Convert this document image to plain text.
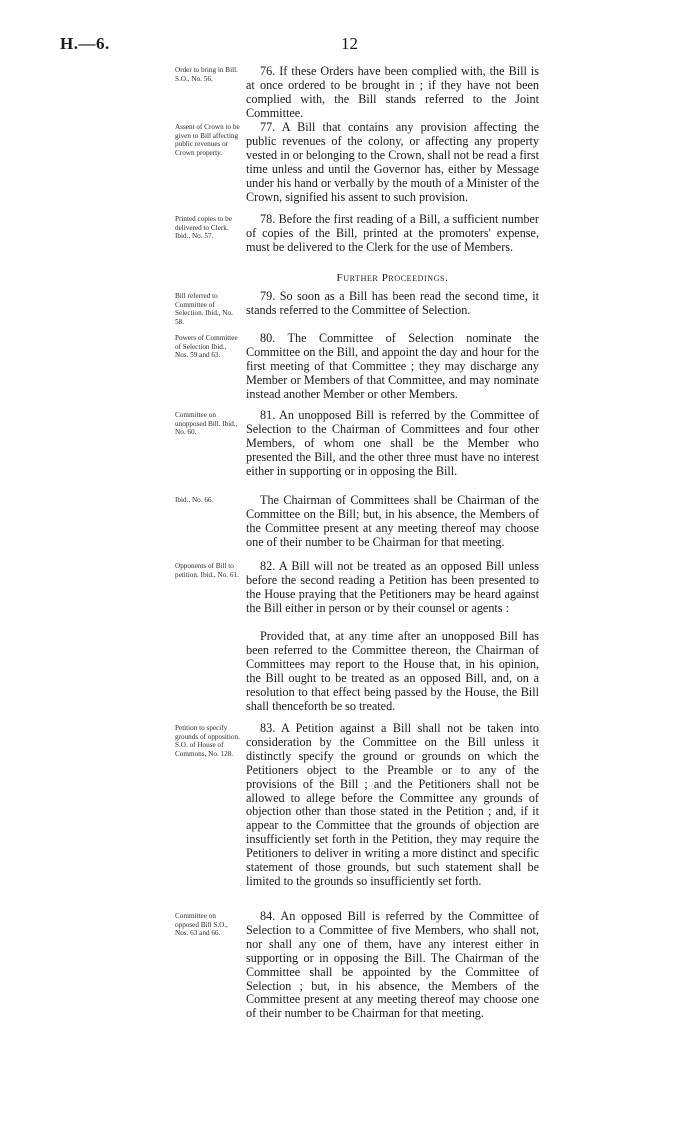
H.—6.	12
Order to bring in Bill. S.O., No. 56.
76. If these Orders have been complied with, the Bill is at once ordered to be brought in ; if they have not been complied with, the Bill stands referred to the Joint Committee.
Assent of Crown to be given to Bill affecting public revenues or Crown property.
77. A Bill that contains any provision affecting the public revenues of the colony, or affecting any property vested in or belonging to the Crown, shall not be read a first time unless and until the Governor has, either by Message under his hand or verbally by the mouth of a Minister of the Crown, signified his assent to such provision.
Printed copies to be delivered to Clerk. Ibid., No. 57.
78. Before the first reading of a Bill, a sufficient number of copies of the Bill, printed at the promoters' expense, must be delivered to the Clerk for the use of Members.
Further Proceedings.
Bill referred to Committee of Selection. Ibid., No. 58.
79. So soon as a Bill has been read the second time, it stands referred to the Committee of Selection.
Powers of Committee of Selection Ibid., Nos. 59 and 63.
80. The Committee of Selection nominate the Committee on the Bill, and appoint the day and hour for the first meeting of that Committee ; they may discharge any Member or Members of that Committee, and may nominate instead another Member or other Members.
Committee on unopposed Bill. Ibid., No. 60.
81. An unopposed Bill is referred by the Committee of Selection to the Chairman of Committees and four other Members, of whom one shall be the Member who presented the Bill, and the other three must have no interest either in supporting or in opposing the Bill.
Ibid., No. 66.	The Chairman of Committees shall be Chairman of the Committee on the Bill; but, in his absence, the Members of the Committee present at any meeting thereof may choose one of their number to be Chairman for that meeting.
Opponents of Bill to petition. Ibid., No. 61.
82. A Bill will not be treated as an opposed Bill unless before the second reading a Petition has been presented to the House praying that the Petitioners may be heard against the Bill either in person or by their counsel or agents :
Provided that, at any time after an unopposed Bill has been referred to the Committee thereon, the Chairman of Committees may report to the House that, in his opinion, the Bill ought to be treated as an opposed Bill, and, on a resolution to that effect being passed by the House, the Bill shall thenceforth be so treated.
Petition to specify grounds of opposition. S.O. of House of Commons, No. 128.
83. A Petition against a Bill shall not be taken into consideration by the Committee on the Bill unless it distinctly specify the ground or grounds on which the Petitioners object to the Preamble or to any of the provisions of the Bill ; and the Petitioners shall not be allowed to allege before the Committee any grounds of objection other than those stated in the Petition ; and, if it appear to the Committee that the grounds of objection are insufficiently set forth in the Petition, they may require the Petitioners to deliver in writing a more distinct and specific statement of those grounds, but such statement shall be limited to the grounds so insufficiently set forth.
Committee on opposed Bill S.O., Nos. 63 and 66.
84. An opposed Bill is referred by the Committee of Selection to a Committee of five Members, who shall not, nor shall any one of them, have any interest either in supporting or in opposing the Bill. The Chairman of the Committee shall be appointed by the Committee of Selection ; but, in his absence, the Members of the Committee present at any meeting thereof may choose one of their number to be Chairman for that meeting.
